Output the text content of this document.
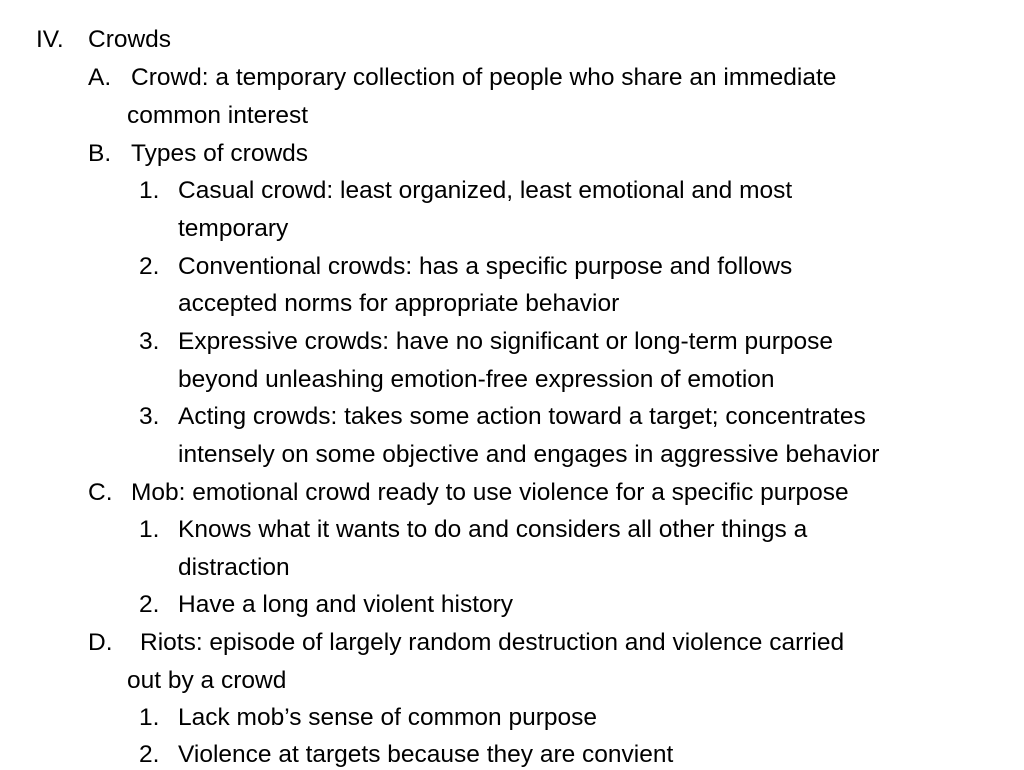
IV. Crowds
A. Crowd: a temporary collection of people who share an immediate
common interest
B. Types of crowds
1. Casual crowd: least organized, least emotional and most
temporary
2. Conventional crowds: has a specific purpose and follows
accepted norms for appropriate behavior
3. Expressive crowds: have no significant or long-term purpose
beyond unleashing emotion-free expression of emotion
3. Acting crowds: takes some action toward a target; concentrates
intensely on some objective and engages in aggressive behavior
C. Mob: emotional crowd ready to use violence for a specific purpose
1. Knows what it wants to do and considers all other things a
distraction
2. Have a long and violent history
D. Riots: episode of largely random destruction and violence carried
out by a crowd
1. Lack mob’s sense of common purpose
2. Violence at targets because they are convient
